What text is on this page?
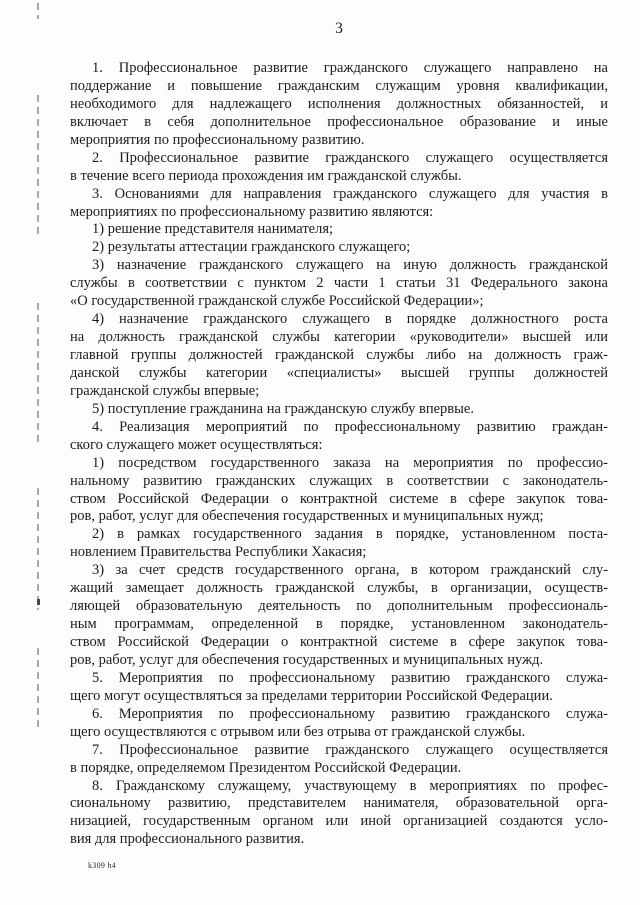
3
1. Профессиональное развитие гражданского служащего направлено на
поддержание и повышение гражданским служащим уровня квалификации,
необходимого для надлежащего исполнения должностных обязанностей, и
включает в себя дополнительное профессиональное образование и иные
мероприятия по профессиональному развитию.
2. Профессиональное развитие гражданского служащего осуществляется
в течение всего периода прохождения им гражданской службы.
3. Основаниями для направления гражданского служащего для участия в
мероприятиях по профессиональному развитию являются:
1) решение представителя нанимателя;
2) результаты аттестации гражданского служащего;
3) назначение гражданского служащего на иную должность гражданской
службы в соответствии с пунктом 2 части 1 статьи 31 Федерального закона
«О государственной гражданской службе Российской Федерации»;
4) назначение гражданского служащего в порядке должностного роста
на должность гражданской службы категории «руководители» высшей или
главной группы должностей гражданской службы либо на должность граж-
данской службы категории «специалисты» высшей группы должностей
гражданской службы впервые;
5) поступление гражданина на гражданскую службу впервые.
4. Реализация мероприятий по профессиональному развитию граждан-
ского служащего может осуществляться:
1) посредством государственного заказа на мероприятия по профессио-
нальному развитию гражданских служащих в соответствии с законодатель-
ством Российской Федерации о контрактной системе в сфере закупок това-
ров, работ, услуг для обеспечения государственных и муниципальных нужд;
2) в рамках государственного задания в порядке, установленном поста-
новлением Правительства Республики Хакасия;
3) за счет средств государственного органа, в котором гражданский слу-
жащий замещает должность гражданской службы, в организации, осуществ-
ляющей образовательную деятельность по дополнительным профессиональ-
ным программам, определенной в порядке, установленном законодатель-
ством Российской Федерации о контрактной системе в сфере закупок това-
ров, работ, услуг для обеспечения государственных и муниципальных нужд.
5. Мероприятия по профессиональному развитию гражданского служа-
щего могут осуществляться за пределами территории Российской Федерации.
6. Мероприятия по профессиональному развитию гражданского служа-
щего осуществляются с отрывом или без отрыва от гражданской службы.
7. Профессиональное развитие гражданского служащего осуществляется
в порядке, определяемом Президентом Российской Федерации.
8. Гражданскому служащему, участвующему в мероприятиях по профес-
сиональному развитию, представителем нанимателя, образовательной орга-
низацией, государственным органом или иной организацией создаются усло-
вия для профессионального развития.
k309 h4
